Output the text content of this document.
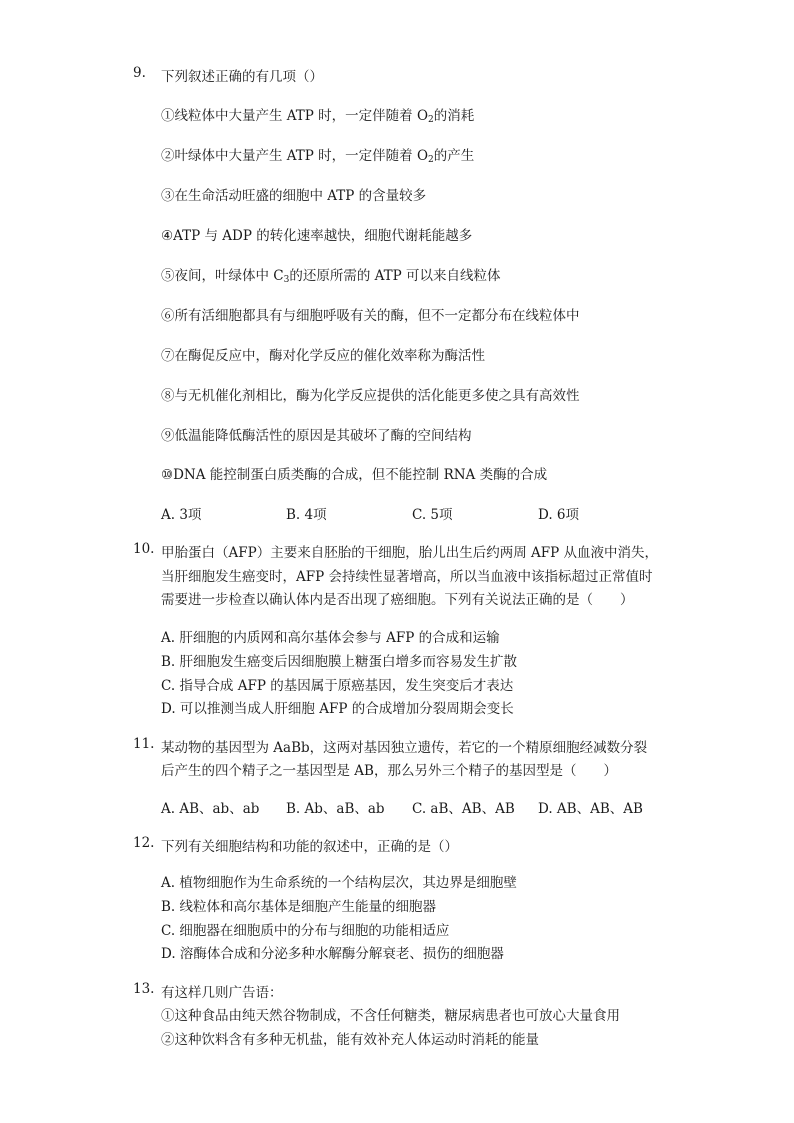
9. 下列叙述正确的有几项（）
①线粒体中大量产生 ATP 时，一定伴随着 $O_2$的消耗
②叶绿体中大量产生 ATP 时，一定伴随着 $O_2$的产生
③在生命活动旺盛的细胞中 ATP 的含量较多
④ATP 与 ADP 的转化速率越快，细胞代谢耗能越多
⑤夜间，叶绿体中 $C_3$的还原所需的 ATP 可以来自线粒体
⑥所有活细胞都具有与细胞呼吸有关的酶，但不一定都分布在线粒体中
⑦在酶促反应中，酶对化学反应的催化效率称为酶活性
⑧与无机催化剂相比，酶为化学反应提供的活化能更多使之具有高效性
⑨低温能降低酶活性的原因是其破坏了酶的空间结构
⑩DNA 能控制蛋白质类酶的合成，但不能控制 RNA 类酶的合成
A. 3项	B. 4项	C. 5项	D. 6项
10. 甲胎蛋白（AFP）主要来自胚胎的干细胞，胎儿出生后约两周 AFP 从血液中消失，
当肝细胞发生癌变时，AFP 会持续性显著增高，所以当血液中该指标超过正常值时
需要进一步检查以确认体内是否出现了癌细胞。下列有关说法正确的是（　　）
A. 肝细胞的内质网和高尔基体会参与 AFP 的合成和运输
B. 肝细胞发生癌变后因细胞膜上糖蛋白增多而容易发生扩散
C. 指导合成 AFP 的基因属于原癌基因，发生突变后才表达
D. 可以推测当成人肝细胞 AFP 的合成增加分裂周期会变长
11. 某动物的基因型为 AaBb，这两对基因独立遗传，若它的一个精原细胞经减数分裂
后产生的四个精子之一基因型是 AB，那么另外三个精子的基因型是（　　）
A. AB、ab、ab B. Ab、aB、ab C. aB、AB、AB D. AB、AB、AB
12. 下列有关细胞结构和功能的叙述中，正确的是（）
A. 植物细胞作为生命系统的一个结构层次，其边界是细胞壁
B. 线粒体和高尔基体是细胞产生能量的细胞器
C. 细胞器在细胞质中的分布与细胞的功能相适应
D. 溶酶体合成和分泌多种水解酶分解衰老、损伤的细胞器
13. 有这样几则广告语：
①这种食品由纯天然谷物制成，不含任何糖类，糖尿病患者也可放心大量食用
②这种饮料含有多种无机盐，能有效补充人体运动时消耗的能量
